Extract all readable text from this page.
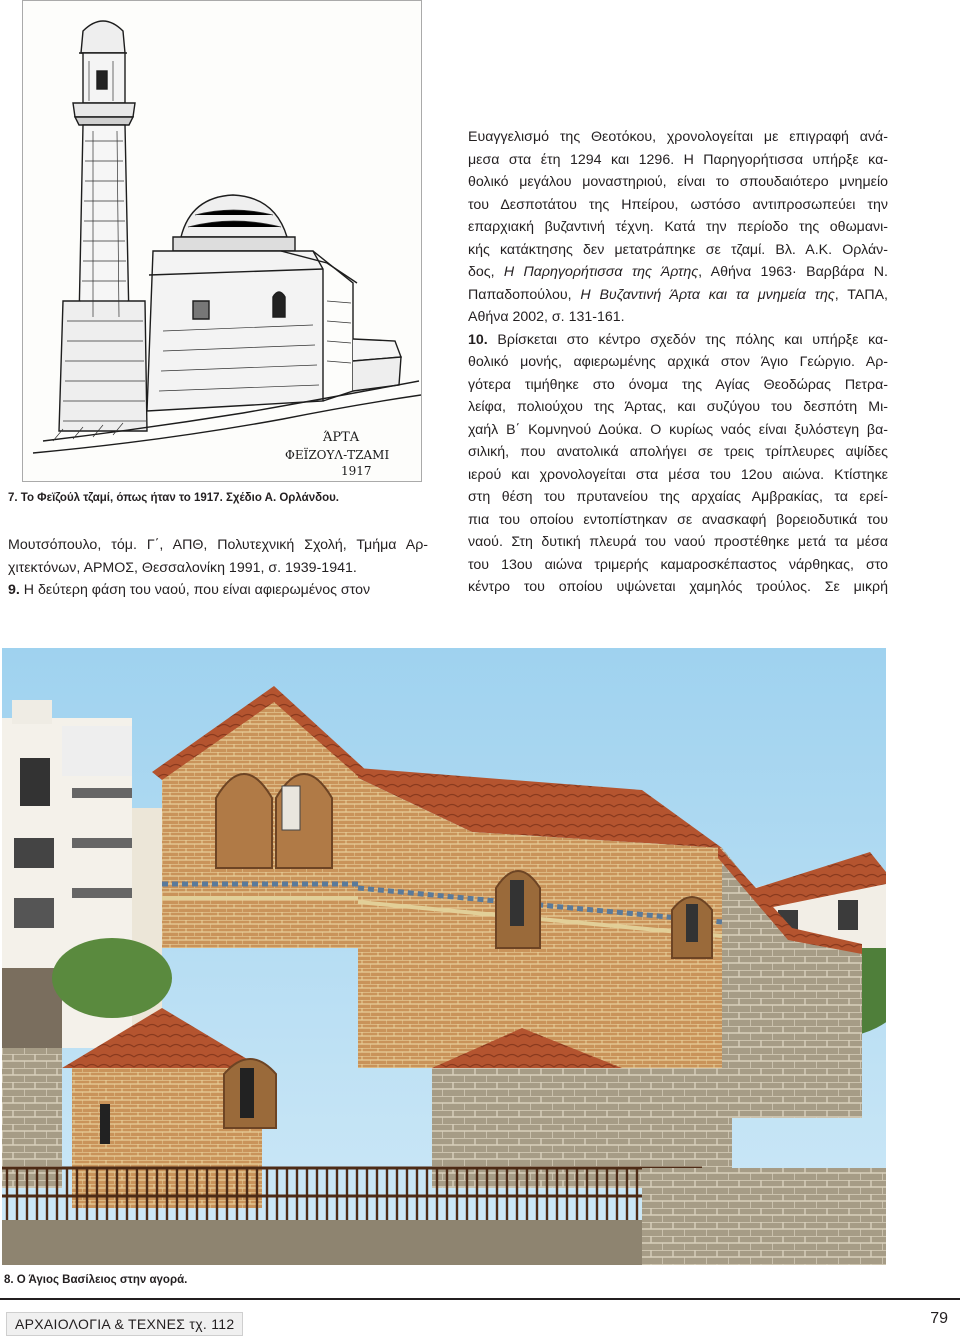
ΆΡΤΑ
ΦΕΪΖΟΥΛ-ΤΖΑΜΙ
1917
7. Το Φεϊζούλ τζαμί, όπως ήταν το 1917. Σχέδιο Α. Ορλάνδου.
Μουτσόπουλο, τόμ. Γ΄, ΑΠΘ, Πολυτεχνική Σχολή, Τμήμα Αρ-
χιτεκτόνων, ΑΡΜΟΣ, Θεσσαλονίκη 1991, σ. 1939-1941.
9. Η δεύτερη φάση του ναού, που είναι αφιερωμένος στον
Ευαγγελισμό της Θεοτόκου, χρονολογείται με επιγραφή ανά-
μεσα στα έτη 1294 και 1296. Η Παρηγορήτισσα υπήρξε κα-
θολικό μεγάλου μοναστηριού, είναι το σπουδαιότερο μνημείο
του Δεσποτάτου της Ηπείρου, ωστόσο αντιπροσωπεύει την
επαρχιακή βυζαντινή τέχνη. Κατά την περίοδο της οθωμανι-
κής κατάκτησης δεν μετατράπηκε σε τζαμί. Βλ. Α.Κ. Ορλάν-
δος, Η Παρηγορήτισσα της Άρτης, Αθήνα 1963· Βαρβάρα Ν.
Παπαδοπούλου, Η Βυζαντινή Άρτα και τα μνημεία της, ΤΑΠΑ,
Αθήνα 2002, σ. 131-161.
10. Βρίσκεται στο κέντρο σχεδόν της πόλης και υπήρξε κα-
θολικό μονής, αφιερωμένης αρχικά στον Άγιο Γεώργιο. Αρ-
γότερα τιμήθηκε στο όνομα της Αγίας Θεοδώρας Πετρα-
λείφα, πολιούχου της Άρτας, και συζύγου του δεσπότη Μι-
χαήλ Β΄ Κομνηνού Δούκα. Ο κυρίως ναός είναι ξυλόστεγη βα-
σιλική, που ανατολικά απολήγει σε τρεις τρίπλευρες αψίδες
ιερού και χρονολογείται στα μέσα του 12ου αιώνα. Κτίστηκε
στη θέση του πρυτανείου της αρχαίας Αμβρακίας, τα ερεί-
πια του οποίου εντοπίστηκαν σε ανασκαφή βορειοδυτικά του
ναού. Στη δυτική πλευρά του ναού προστέθηκε μετά τα μέσα
του 13ου αιώνα τριμερής καμαροσκέπαστος νάρθηκας, στο
κέντρο του οποίου υψώνεται χαμηλός τρούλος. Σε μικρή
8. Ο Άγιος Βασίλειος στην αγορά.
ΑΡΧΑΙΟΛΟΓΙΑ & ΤΕΧΝΕΣ τχ. 112	79
